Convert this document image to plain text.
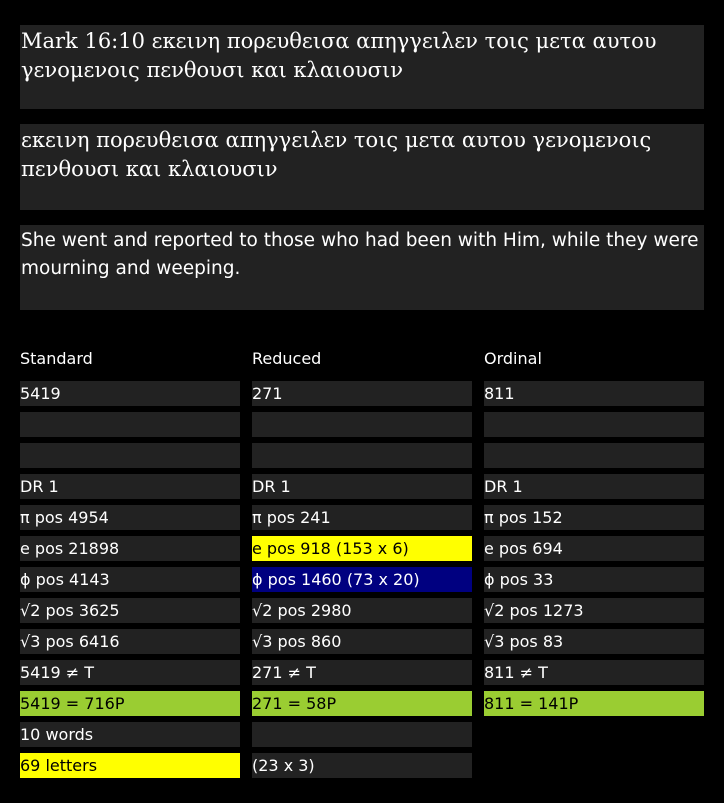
Mark 16:10 εκεινη πορευθεισα απηγγειλεν τοις μετα αυτου γενομενοις πενθουσι και κλαιουσιν
εκεινη πορευθεισα απηγγειλεν τοις μετα αυτου γενομενοις πενθουσι και κλαιουσιν
She went and reported to those who had been with Him, while they were mourning and weeping.
Standard
5419
DR 1
π pos 4954
e pos 21898
ϕ pos 4143
√2 pos 3625
√3 pos 6416
5419 ≠ T
5419 = 716P
10 words
69 letters
Reduced
271
DR 1
π pos 241
e pos 918 (153 x 6)
ϕ pos 1460 (73 x 20)
√2 pos 2980
√3 pos 860
271 ≠ T
271 = 58P
(23 x 3)
Ordinal
811
DR 1
π pos 152
e pos 694
ϕ pos 33
√2 pos 1273
√3 pos 83
811 ≠ T
811 = 141P
